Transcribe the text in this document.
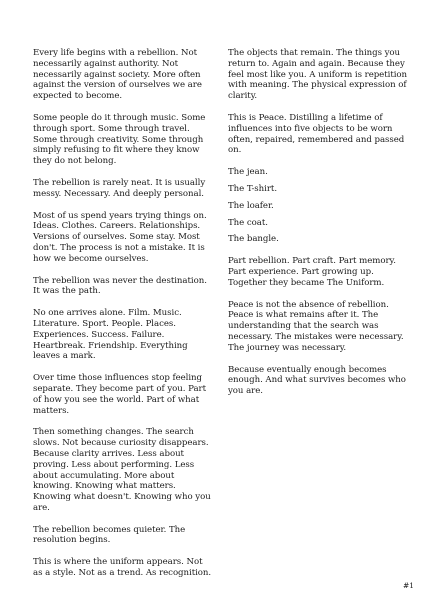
Every life begins with a rebellion. Not necessarily against authority. Not necessarily against society. More often against the version of ourselves we are expected to become.

Some people do it through music. Some through sport. Some through travel. Some through creativity. Some through simply refusing to fit where they know they do not belong.

The rebellion is rarely neat. It is usually messy. Necessary. And deeply personal.

Most of us spend years trying things on. Ideas. Clothes. Careers. Relationships. Versions of ourselves. Some stay. Most don't. The process is not a mistake. It is how we become ourselves.

The rebellion was never the destination. It was the path.

No one arrives alone. Film. Music. Literature. Sport. People. Places. Experiences. Success. Failure. Heartbreak. Friendship. Everything leaves a mark.

Over time those influences stop feeling separate. They become part of you. Part of how you see the world. Part of what matters.

Then something changes. The search slows. Not because curiosity disappears. Because clarity arrives. Less about proving. Less about performing. Less about accumulating. More about knowing. Knowing what matters. Knowing what doesn't. Knowing who you are.

The rebellion becomes quieter. The resolution begins.

This is where the uniform appears. Not as a style. Not as a trend. As recognition.

The objects that remain. The things you return to. Again and again. Because they feel most like you. A uniform is repetition with meaning. The physical expression of clarity.

This is Peace. Distilling a lifetime of influences into five objects to be worn often, repaired, remembered and passed on.

The jean.

The T-shirt.

The loafer.

The coat.

The bangle.

Part rebellion. Part craft. Part memory. Part experience. Part growing up. Together they became The Uniform.

Peace is not the absence of rebellion. Peace is what remains after it. The understanding that the search was necessary. The mistakes were necessary. The journey was necessary.

Because eventually enough becomes enough. And what survives becomes who you are.

#1
